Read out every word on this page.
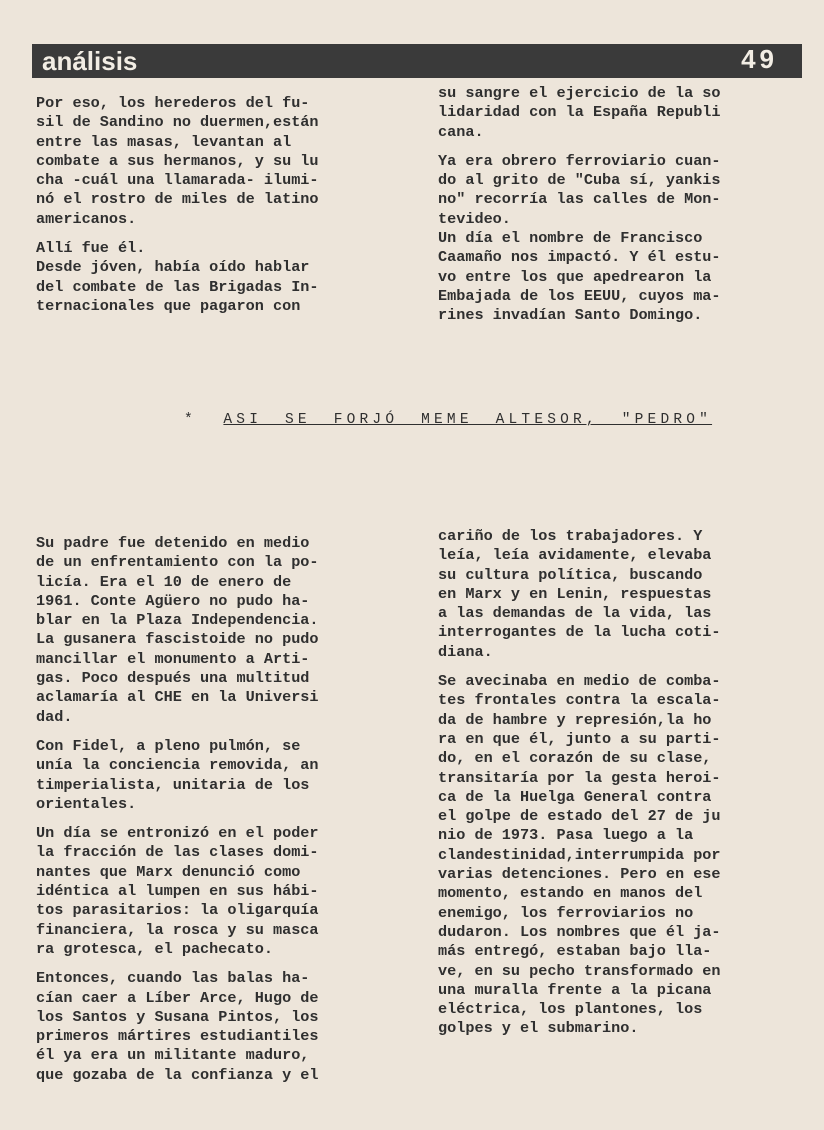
análisis	49

Por eso, los herederos del fu-
sil de Sandino no duermen,están
entre las masas, levantan al
combate a sus hermanos, y su lu
cha -cuál una llamarada- ilumi-
nó el rostro de miles de latino
americanos.

Allí fue él.
Desde jóven, había oído hablar
del combate de las Brigadas In-
ternacionales que pagaron con

su sangre el ejercicio de la so
lidaridad con la España Republi
cana.

Ya era obrero ferroviario cuan-
do al grito de "Cuba sí, yankis
no" recorría las calles de Mon-
tevideo.
Un día el nombre de Francisco
Caamaño nos impactó. Y él estu-
vo entre los que apedrearon la
Embajada de los EEUU, cuyos ma-
rines invadían Santo Domingo.

* ASI SE FORJÓ MEME ALTESOR, "PEDRO"

Su padre fue detenido en medio
de un enfrentamiento con la po-
licía. Era el 10 de enero de
1961. Conte Agüero no pudo ha-
blar en la Plaza Independencia.
La gusanera fascistoide no pudo
mancillar el monumento a Arti-
gas. Poco después una multitud
aclamaría al CHE en la Universi
dad.

Con Fidel, a pleno pulmón, se
unía la conciencia removida, an
timperialista, unitaria de los
orientales.

Un día se entronizó en el poder
la fracción de las clases domi-
nantes que Marx denunció como
idéntica al lumpen en sus hábi-
tos parasitarios: la oligarquía
financiera, la rosca y su masca
ra grotesca, el pachecato.

Entonces, cuando las balas ha-
cían caer a Líber Arce, Hugo de
los Santos y Susana Pintos, los
primeros mártires estudiantiles
él ya era un militante maduro,
que gozaba de la confianza y el

cariño de los trabajadores. Y
leía, leía avidamente, elevaba
su cultura política, buscando
en Marx y en Lenin, respuestas
a las demandas de la vida, las
interrogantes de la lucha coti-
diana.

Se avecinaba en medio de comba-
tes frontales contra la escala-
da de hambre y represión,la ho
ra en que él, junto a su parti-
do, en el corazón de su clase,
transitaría por la gesta heroi-
ca de la Huelga General contra
el golpe de estado del 27 de ju
nio de 1973. Pasa luego a la
clandestinidad,interrumpida por
varias detenciones. Pero en ese
momento, estando en manos del
enemigo, los ferroviarios no
dudaron. Los nombres que él ja-
más entregó, estaban bajo lla-
ve, en su pecho transformado en
una muralla frente a la picana
eléctrica, los plantones, los
golpes y el submarino.
